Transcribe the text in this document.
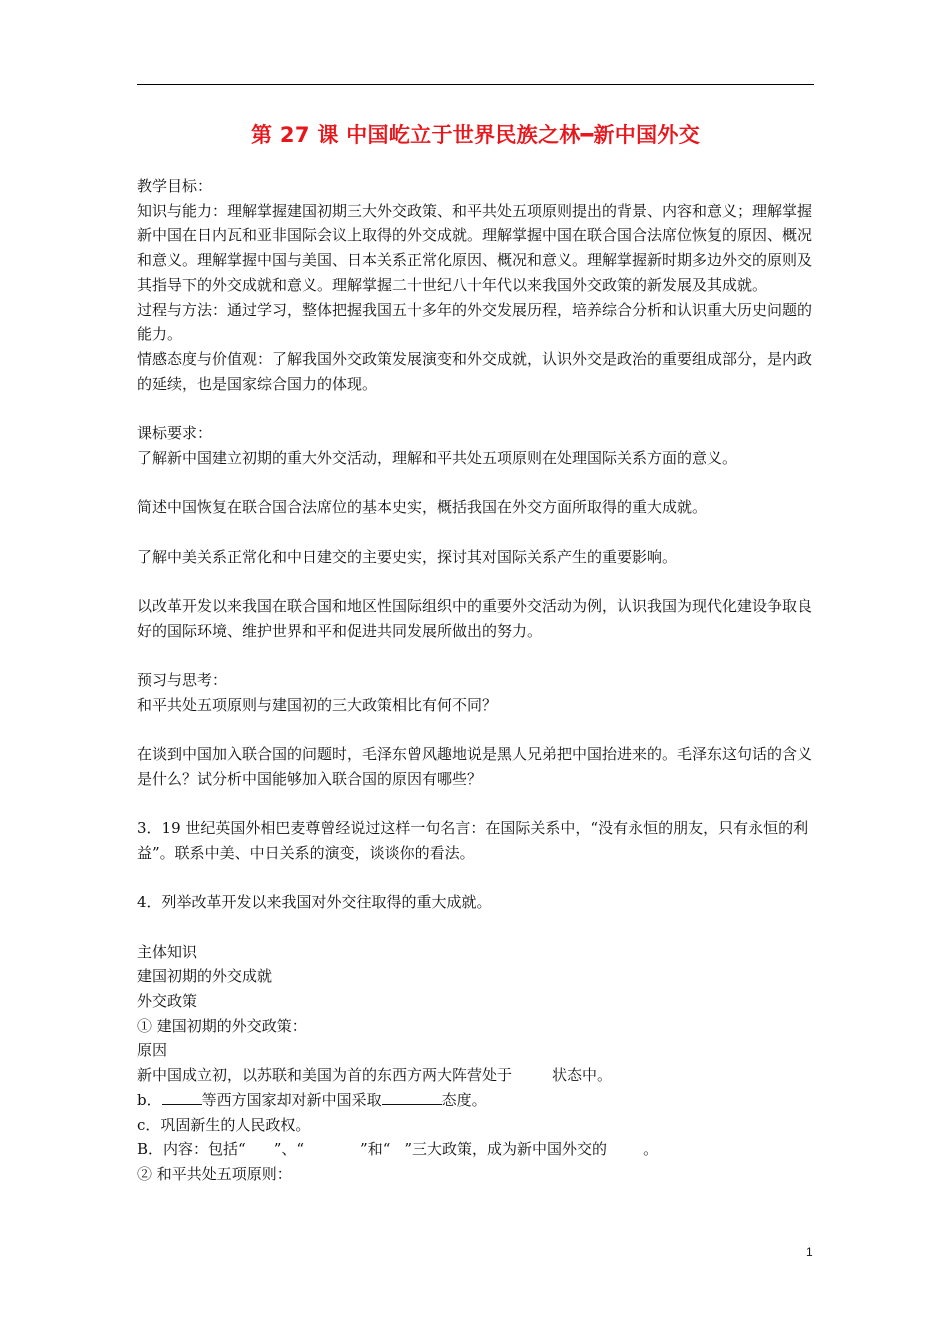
第 27 课 中国屹立于世界民族之林━新中国外交

教学目标：

知识与能力：理解掌握建国初期三大外交政策、和平共处五项原则提出的背景、内容和意义；理解掌握新中国在日内瓦和亚非国际会议上取得的外交成就。理解掌握中国在联合国合法席位恢复的原因、概况和意义。理解掌握中国与美国、日本关系正常化原因、概况和意义。理解掌握新时期多边外交的原则及其指导下的外交成就和意义。理解掌握二十世纪八十年代以来我国外交政策的新发展及其成就。

过程与方法：通过学习，整体把握我国五十多年的外交发展历程，培养综合分析和认识重大历史问题的能力。

情感态度与价值观：了解我国外交政策发展演变和外交成就，认识外交是政治的重要组成部分，是内政的延续，也是国家综合国力的体现。

课标要求：

了解新中国建立初期的重大外交活动，理解和平共处五项原则在处理国际关系方面的意义。

简述中国恢复在联合国合法席位的基本史实，概括我国在外交方面所取得的重大成就。

了解中美关系正常化和中日建交的主要史实，探讨其对国际关系产生的重要影响。

以改革开发以来我国在联合国和地区性国际组织中的重要外交活动为例，认识我国为现代化建设争取良好的国际环境、维护世界和平和促进共同发展所做出的努力。

预习与思考：

和平共处五项原则与建国初的三大政策相比有何不同？

在谈到中国加入联合国的问题时，毛泽东曾风趣地说是黑人兄弟把中国抬进来的。毛泽东这句话的含义是什么？试分析中国能够加入联合国的原因有哪些？

3．19 世纪英国外相巴麦尊曾经说过这样一句名言：在国际关系中，“没有永恒的朋友，只有永恒的利益”。联系中美、中日关系的演变，谈谈你的看法。

4．列举改革开发以来我国对外交往取得的重大成就。

主体知识

建国初期的外交成就

外交政策

① 建国初期的外交政策：

原因

新中国成立初，以苏联和美国为首的东西方两大阵营处于	状态中。

b．	等西方国家却对新中国采取	态度。

c．巩固新生的人民政权。

B．内容：包括“ ”、“	”和“ ”三大政策，成为新中国外交的 。

② 和平共处五项原则：

1
